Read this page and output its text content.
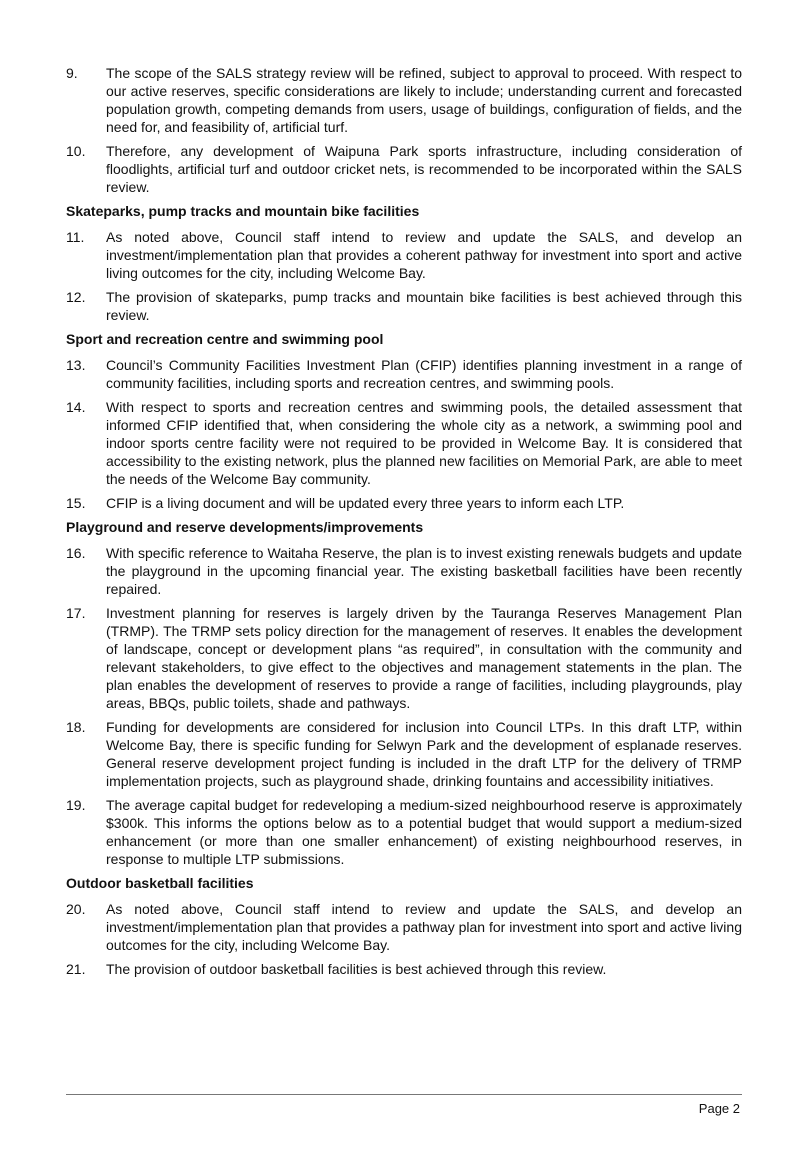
9.	The scope of the SALS strategy review will be refined, subject to approval to proceed. With respect to our active reserves, specific considerations are likely to include; understanding current and forecasted population growth, competing demands from users, usage of buildings, configuration of fields, and the need for, and feasibility of, artificial turf.
10.	Therefore, any development of Waipuna Park sports infrastructure, including consideration of floodlights, artificial turf and outdoor cricket nets, is recommended to be incorporated within the SALS review.
Skateparks, pump tracks and mountain bike facilities
11.	As noted above, Council staff intend to review and update the SALS, and develop an investment/implementation plan that provides a coherent pathway for investment into sport and active living outcomes for the city, including Welcome Bay.
12.	The provision of skateparks, pump tracks and mountain bike facilities is best achieved through this review.
Sport and recreation centre and swimming pool
13.	Council’s Community Facilities Investment Plan (CFIP) identifies planning investment in a range of community facilities, including sports and recreation centres, and swimming pools.
14.	With respect to sports and recreation centres and swimming pools, the detailed assessment that informed CFIP identified that, when considering the whole city as a network, a swimming pool and indoor sports centre facility were not required to be provided in Welcome Bay. It is considered that accessibility to the existing network, plus the planned new facilities on Memorial Park, are able to meet the needs of the Welcome Bay community.
15.	CFIP is a living document and will be updated every three years to inform each LTP.
Playground and reserve developments/improvements
16.	With specific reference to Waitaha Reserve, the plan is to invest existing renewals budgets and update the playground in the upcoming financial year. The existing basketball facilities have been recently repaired.
17.	Investment planning for reserves is largely driven by the Tauranga Reserves Management Plan (TRMP). The TRMP sets policy direction for the management of reserves. It enables the development of landscape, concept or development plans “as required”, in consultation with the community and relevant stakeholders, to give effect to the objectives and management statements in the plan. The plan enables the development of reserves to provide a range of facilities, including playgrounds, play areas, BBQs, public toilets, shade and pathways.
18.	Funding for developments are considered for inclusion into Council LTPs. In this draft LTP, within Welcome Bay, there is specific funding for Selwyn Park and the development of esplanade reserves. General reserve development project funding is included in the draft LTP for the delivery of TRMP implementation projects, such as playground shade, drinking fountains and accessibility initiatives.
19.	The average capital budget for redeveloping a medium-sized neighbourhood reserve is approximately $300k. This informs the options below as to a potential budget that would support a medium-sized enhancement (or more than one smaller enhancement) of existing neighbourhood reserves, in response to multiple LTP submissions.
Outdoor basketball facilities
20.	As noted above, Council staff intend to review and update the SALS, and develop an investment/implementation plan that provides a pathway plan for investment into sport and active living outcomes for the city, including Welcome Bay.
21.	The provision of outdoor basketball facilities is best achieved through this review.
Page 2
